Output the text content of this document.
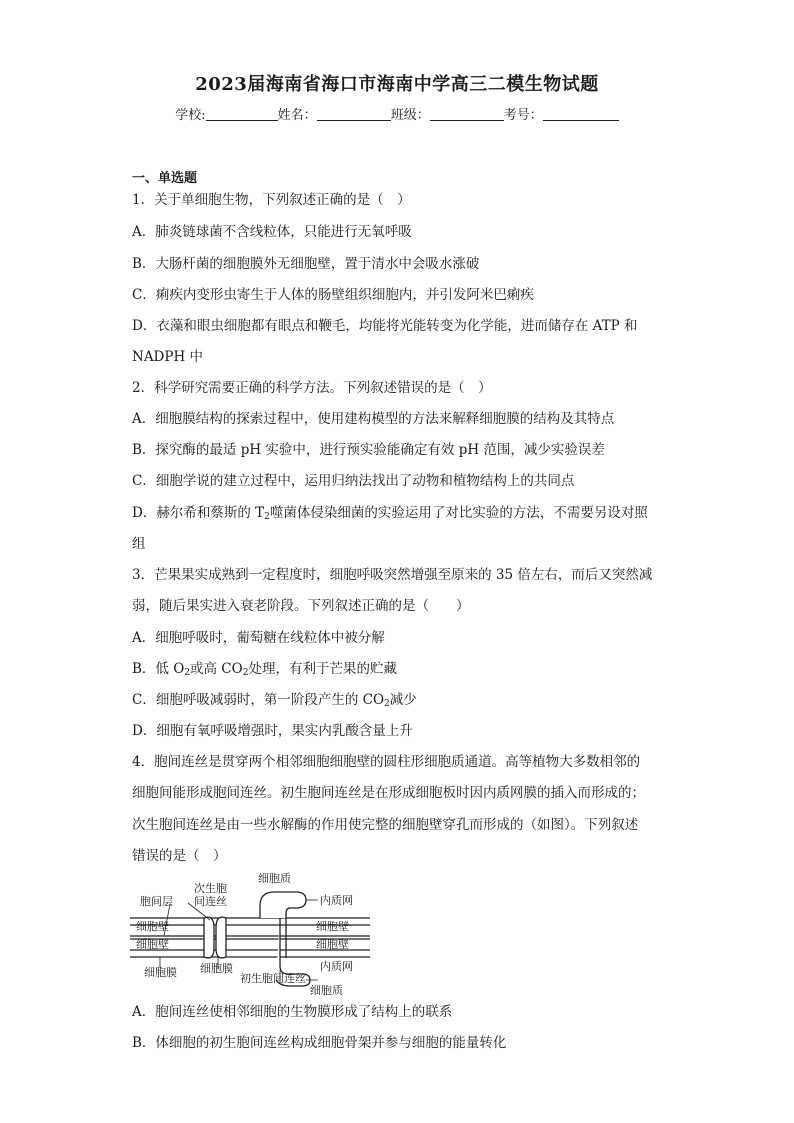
2023届海南省海口市海南中学高三二模生物试题
学校:	姓名：	班级：	考号：
一、单选题
1．关于单细胞生物，下列叙述正确的是（　）
A．肺炎链球菌不含线粒体，只能进行无氧呼吸
B．大肠杆菌的细胞膜外无细胞壁，置于清水中会吸水涨破
C．痢疾内变形虫寄生于人体的肠壁组织细胞内，并引发阿米巴痢疾
D．衣藻和眼虫细胞都有眼点和鞭毛，均能将光能转变为化学能，进而储存在 ATP 和
NADPH 中
2．科学研究需要正确的科学方法。下列叙述错误的是（　）
A．细胞膜结构的探索过程中，使用建构模型的方法来解释细胞膜的结构及其特点
B．探究酶的最适 pH 实验中，进行预实验能确定有效 pH 范围，减少实验误差
C．细胞学说的建立过程中，运用归纳法找出了动物和植物结构上的共同点
D．赫尔希和蔡斯的 $T_2$噬菌体侵染细菌的实验运用了对比实验的方法，不需要另设对照
组
3．芒果果实成熟到一定程度时，细胞呼吸突然增强至原来的 35 倍左右，而后又突然减
弱，随后果实进入衰老阶段。下列叙述正确的是（　　）
A．细胞呼吸时，葡萄糖在线粒体中被分解
B．低 $O_2$或高 $CO_2$处理，有利于芒果的贮藏
C．细胞呼吸减弱时，第一阶段产生的 $CO_2$减少
D．细胞有氧呼吸增强时，果实内乳酸含量上升
4．胞间连丝是贯穿两个相邻细胞细胞壁的圆柱形细胞质通道。高等植物大多数相邻的
细胞间能形成胞间连丝。初生胞间连丝是在形成细胞板时因内质网膜的插入而形成的；
次生胞间连丝是由一些水解酶的作用使完整的细胞壁穿孔而形成的（如图）。下列叙述
错误的是（　）
细胞质
次生胞
间连丝
胞间层	内质网
细胞壁
细胞壁
细胞壁
细胞壁
细胞膜 细胞膜
初生胞间连丝
内质网
细胞质
A．胞间连丝使相邻细胞的生物膜形成了结构上的联系
B．体细胞的初生胞间连丝构成细胞骨架并参与细胞的能量转化
